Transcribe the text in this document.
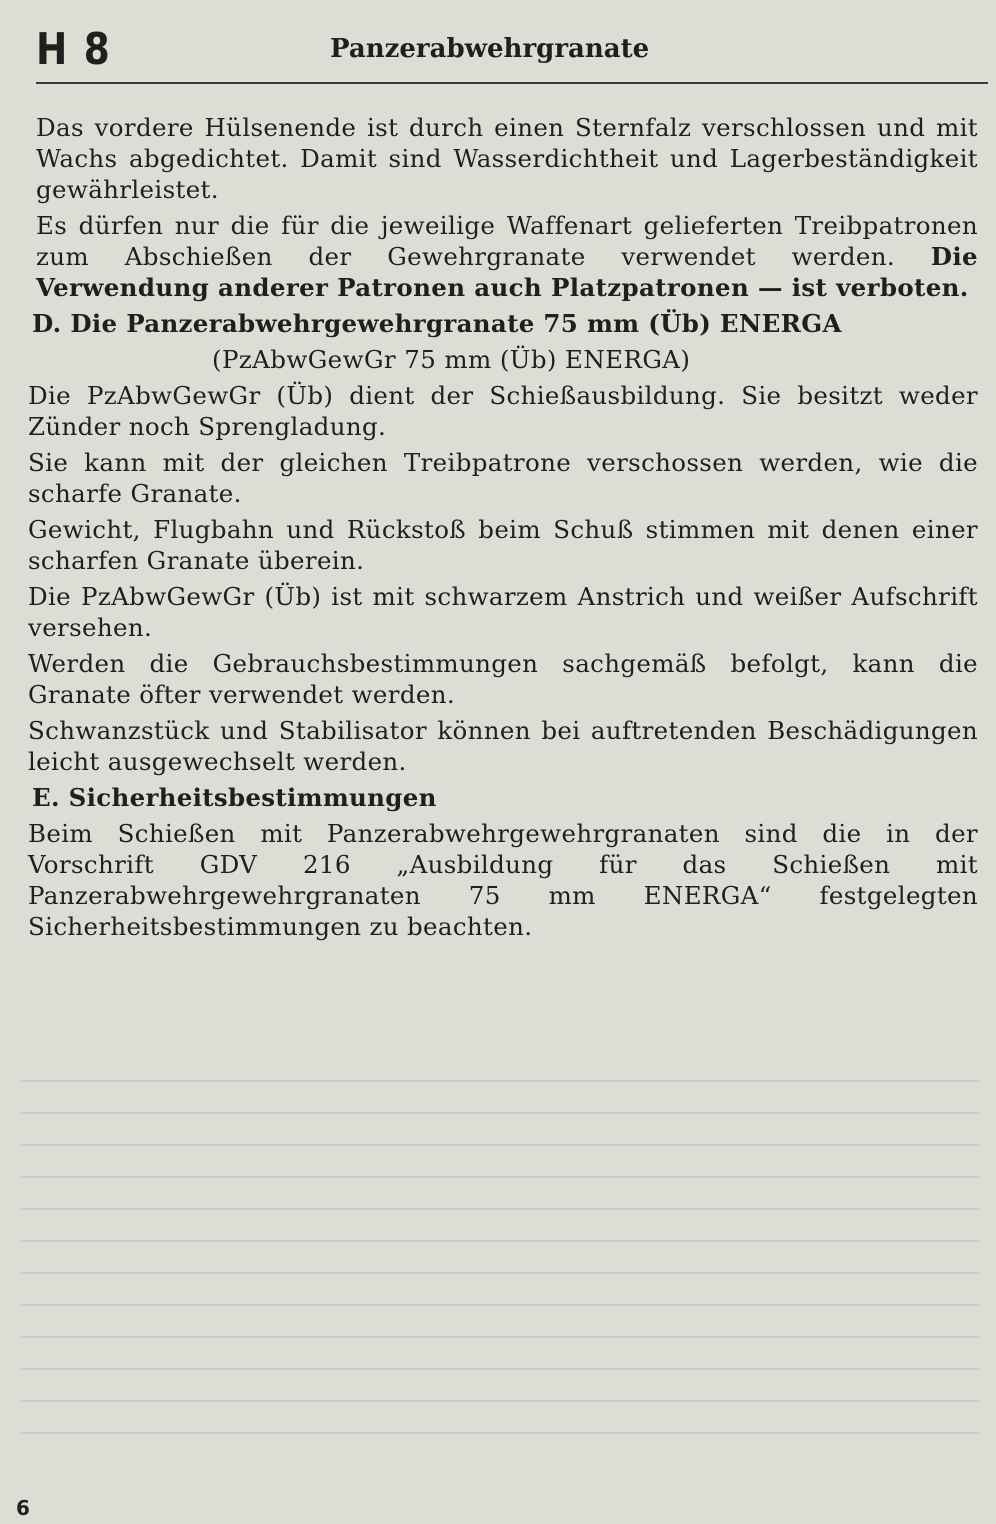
H 8	Panzerabwehrgranate

Das vordere Hülsenende ist durch einen Sternfalz verschlossen und mit Wachs abgedichtet. Damit sind Wasserdichtheit und Lagerbeständigkeit gewährleistet.

Es dürfen nur die für die jeweilige Waffenart gelieferten Treibpatronen zum Abschießen der Gewehrgranate verwendet werden. Die Verwendung anderer Patronen auch Platzpatronen — ist verboten.

D. Die Panzerabwehrgewehrgranate 75 mm (Üb) ENERGA
(PzAbwGewGr 75 mm (Üb) ENERGA)

Die PzAbwGewGr (Üb) dient der Schießausbildung. Sie besitzt weder Zünder noch Sprengladung.

Sie kann mit der gleichen Treibpatrone verschossen werden, wie die scharfe Granate.

Gewicht, Flugbahn und Rückstoß beim Schuß stimmen mit denen einer scharfen Granate überein.

Die PzAbwGewGr (Üb) ist mit schwarzem Anstrich und weißer Aufschrift versehen.

Werden die Gebrauchsbestimmungen sachgemäß befolgt, kann die Granate öfter verwendet werden.

Schwanzstück und Stabilisator können bei auftretenden Beschädigungen leicht ausgewechselt werden.

E. Sicherheitsbestimmungen

Beim Schießen mit Panzerabwehrgewehrgranaten sind die in der Vorschrift GDV 216 „Ausbildung für das Schießen mit Panzerabwehrgewehrgranaten 75 mm ENERGA“ festgelegten Sicherheitsbestimmungen zu beachten.

6
